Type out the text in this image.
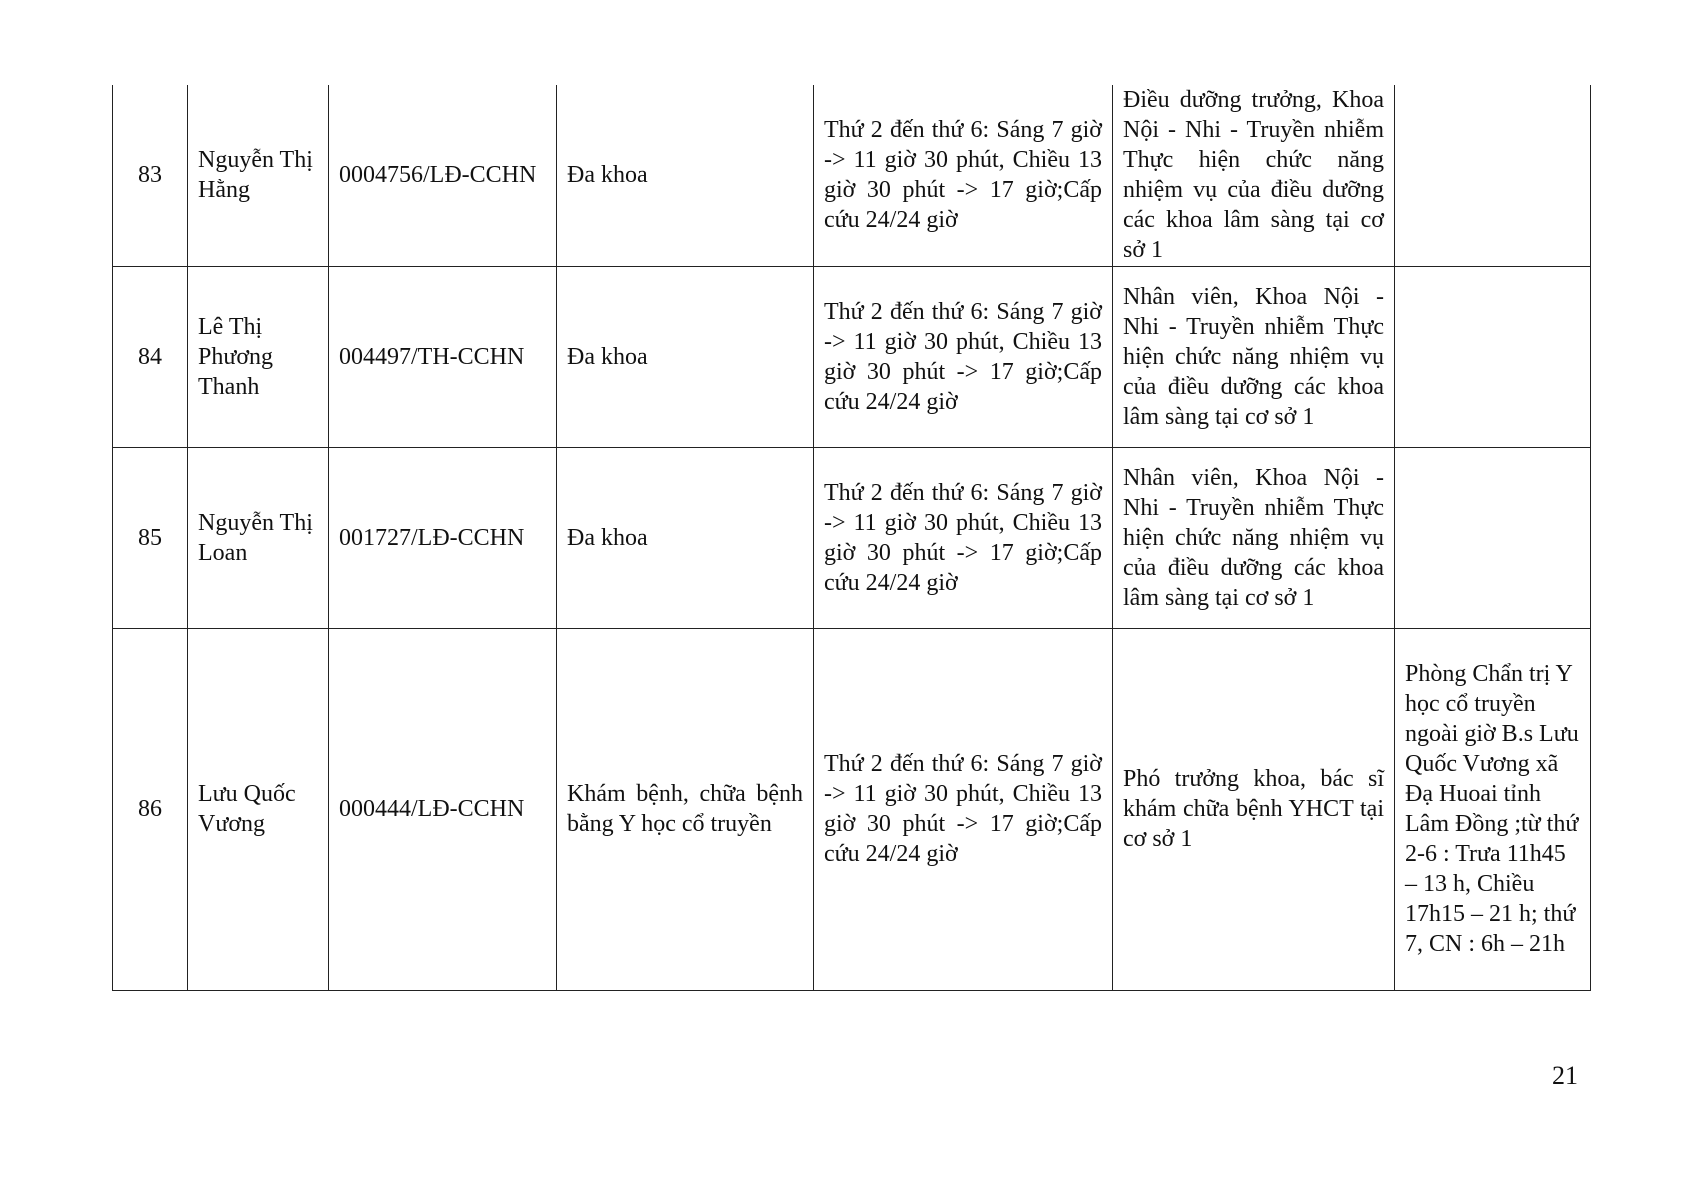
83	Nguyễn Thị Hằng	0004756/LĐ-CCHN	Đa khoa	Thứ 2 đến thứ 6: Sáng 7 giờ -> 11 giờ 30 phút, Chiều 13 giờ 30 phút -> 17 giờ;Cấp cứu 24/24 giờ	Điều dưỡng trưởng, Khoa Nội - Nhi - Truyền nhiễm Thực hiện chức năng nhiệm vụ của điều dưỡng các khoa lâm sàng tại cơ sở 1	
84	Lê Thị Phương Thanh	004497/TH-CCHN	Đa khoa	Thứ 2 đến thứ 6: Sáng 7 giờ -> 11 giờ 30 phút, Chiều 13 giờ 30 phút -> 17 giờ;Cấp cứu 24/24 giờ	Nhân viên, Khoa Nội - Nhi - Truyền nhiễm Thực hiện chức năng nhiệm vụ của điều dưỡng các khoa lâm sàng tại cơ sở 1	
85	Nguyễn Thị Loan	001727/LĐ-CCHN	Đa khoa	Thứ 2 đến thứ 6: Sáng 7 giờ -> 11 giờ 30 phút, Chiều 13 giờ 30 phút -> 17 giờ;Cấp cứu 24/24 giờ	Nhân viên, Khoa Nội - Nhi - Truyền nhiễm Thực hiện chức năng nhiệm vụ của điều dưỡng các khoa lâm sàng tại cơ sở 1	
86	Lưu Quốc Vương	000444/LĐ-CCHN	Khám bệnh, chữa bệnh bằng Y học cổ truyền	Thứ 2 đến thứ 6: Sáng 7 giờ -> 11 giờ 30 phút, Chiều 13 giờ 30 phút -> 17 giờ;Cấp cứu 24/24 giờ	Phó trưởng khoa, bác sĩ khám chữa bệnh YHCT tại cơ sở 1	Phòng Chẩn trị Y học cổ truyền ngoài giờ B.s Lưu Quốc Vương xã Đạ Huoai tỉnh Lâm Đồng ;từ thứ 2-6 : Trưa 11h45 – 13 h, Chiều 17h15 – 21 h; thứ 7, CN : 6h – 21h
21
